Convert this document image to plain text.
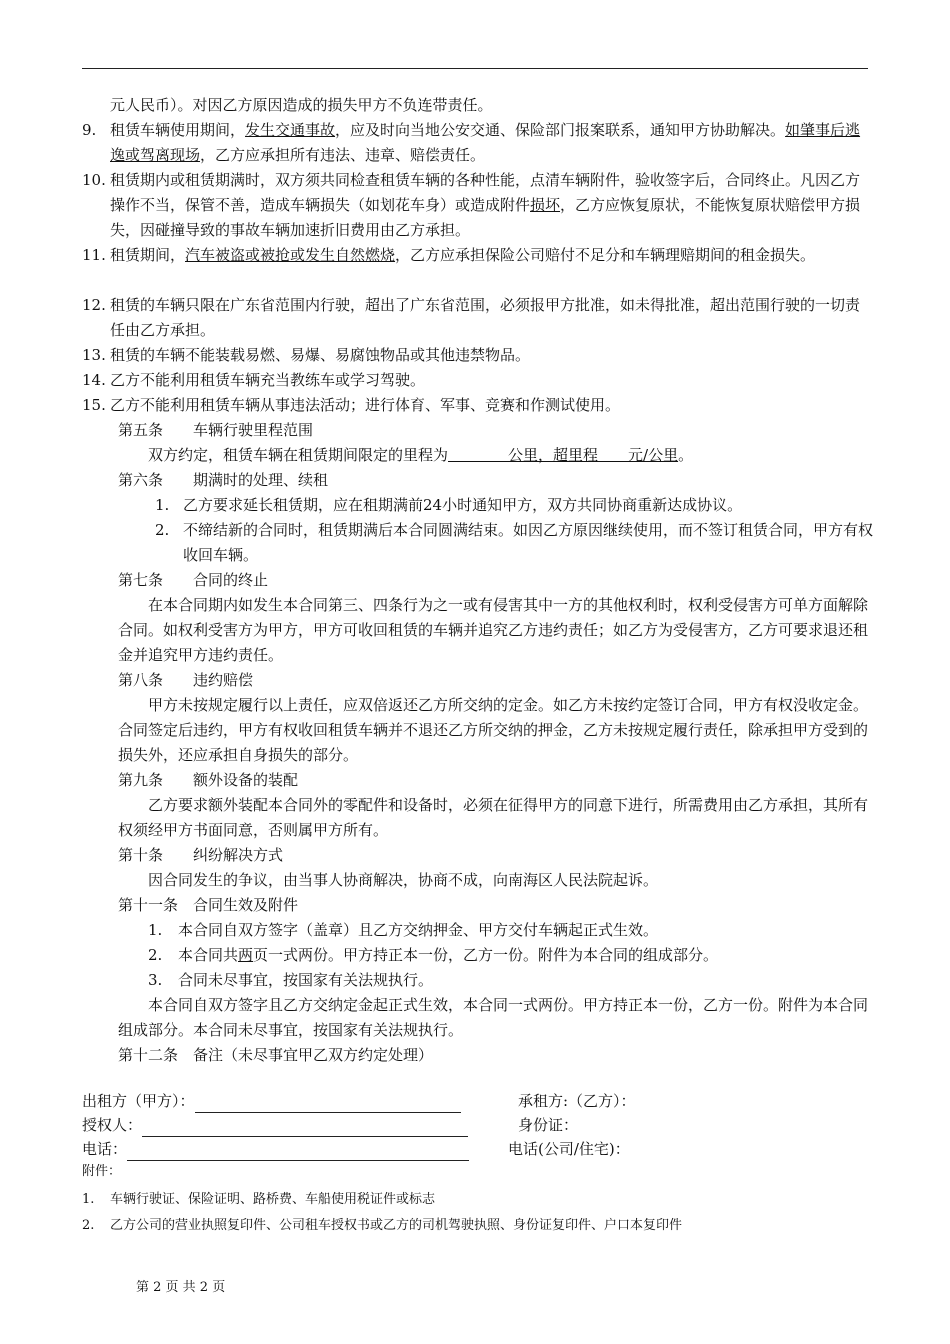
元人民币）。对因乙方原因造成的损失甲方不负连带责任。
9. 租赁车辆使用期间，发生交通事故，应及时向当地公安交通、保险部门报案联系，通知甲方协助解决。如肇事后逃逸或驾离现场，乙方应承担所有违法、违章、赔偿责任。
10. 租赁期内或租赁期满时，双方须共同检查租赁车辆的各种性能，点清车辆附件，验收签字后，合同终止。凡因乙方操作不当，保管不善，造成车辆损失（如划花车身）或造成附件损坏，乙方应恢复原状，不能恢复原状赔偿甲方损失，因碰撞导致的事故车辆加速折旧费用由乙方承担。
11. 租赁期间，汽车被盗或被抢或发生自然燃烧，乙方应承担保险公司赔付不足分和车辆理赔期间的租金损失。
12. 租赁的车辆只限在广东省范围内行驶，超出了广东省范围，必须报甲方批准，如未得批准，超出范围行驶的一切责任由乙方承担。
13. 租赁的车辆不能装载易燃、易爆、易腐蚀物品或其他违禁物品。
14. 乙方不能利用租赁车辆充当教练车或学习驾驶。
15. 乙方不能利用租赁车辆从事违法活动；进行体育、军事、竞赛和作测试使用。
第五条　　车辆行驶里程范围
双方约定，租赁车辆在租赁期间限定的里程为　　　　公里，超里程　　元/公里。
第六条　　期满时的处理、续租
1. 乙方要求延长租赁期，应在租期满前24小时通知甲方，双方共同协商重新达成协议。
2. 不缔结新的合同时，租赁期满后本合同圆满结束。如因乙方原因继续使用，而不签订租赁合同，甲方有权收回车辆。
第七条　　合同的终止
在本合同期内如发生本合同第三、四条行为之一或有侵害其中一方的其他权利时，权利受侵害方可单方面解除合同。如权利受害方为甲方，甲方可收回租赁的车辆并追究乙方违约责任；如乙方为受侵害方，乙方可要求退还租金并追究甲方违约责任。
第八条　　违约赔偿
甲方未按规定履行以上责任，应双倍返还乙方所交纳的定金。如乙方未按约定签订合同，甲方有权没收定金。合同签定后违约，甲方有权收回租赁车辆并不退还乙方所交纳的押金，乙方未按规定履行责任，除承担甲方受到的损失外，还应承担自身损失的部分。
第九条　　额外设备的装配
乙方要求额外装配本合同外的零配件和设备时，必须在征得甲方的同意下进行，所需费用由乙方承担，其所有权须经甲方书面同意，否则属甲方所有。
第十条　　纠纷解决方式
因合同发生的争议，由当事人协商解决，协商不成，向南海区人民法院起诉。
第十一条　合同生效及附件
1. 本合同自双方签字（盖章）且乙方交纳押金、甲方交付车辆起正式生效。
2. 本合同共两页一式两份。甲方持正本一份，乙方一份。附件为本合同的组成部分。
3. 合同未尽事宜，按国家有关法规执行。
本合同自双方签字且乙方交纳定金起正式生效，本合同一式两份。甲方持正本一份，乙方一份。附件为本合同组成部分。本合同未尽事宜，按国家有关法规执行。
第十二条　备注（未尽事宜甲乙双方约定处理）
出租方（甲方）：	承租方:（乙方）：
授权人：	身份证：
电话：	电话(公司/住宅)：
附件：
1. 车辆行驶证、保险证明、路桥费、车船使用税证件或标志
2. 乙方公司的营业执照复印件、公司租车授权书或乙方的司机驾驶执照、身份证复印件、户口本复印件
第 2 页 共 2 页
